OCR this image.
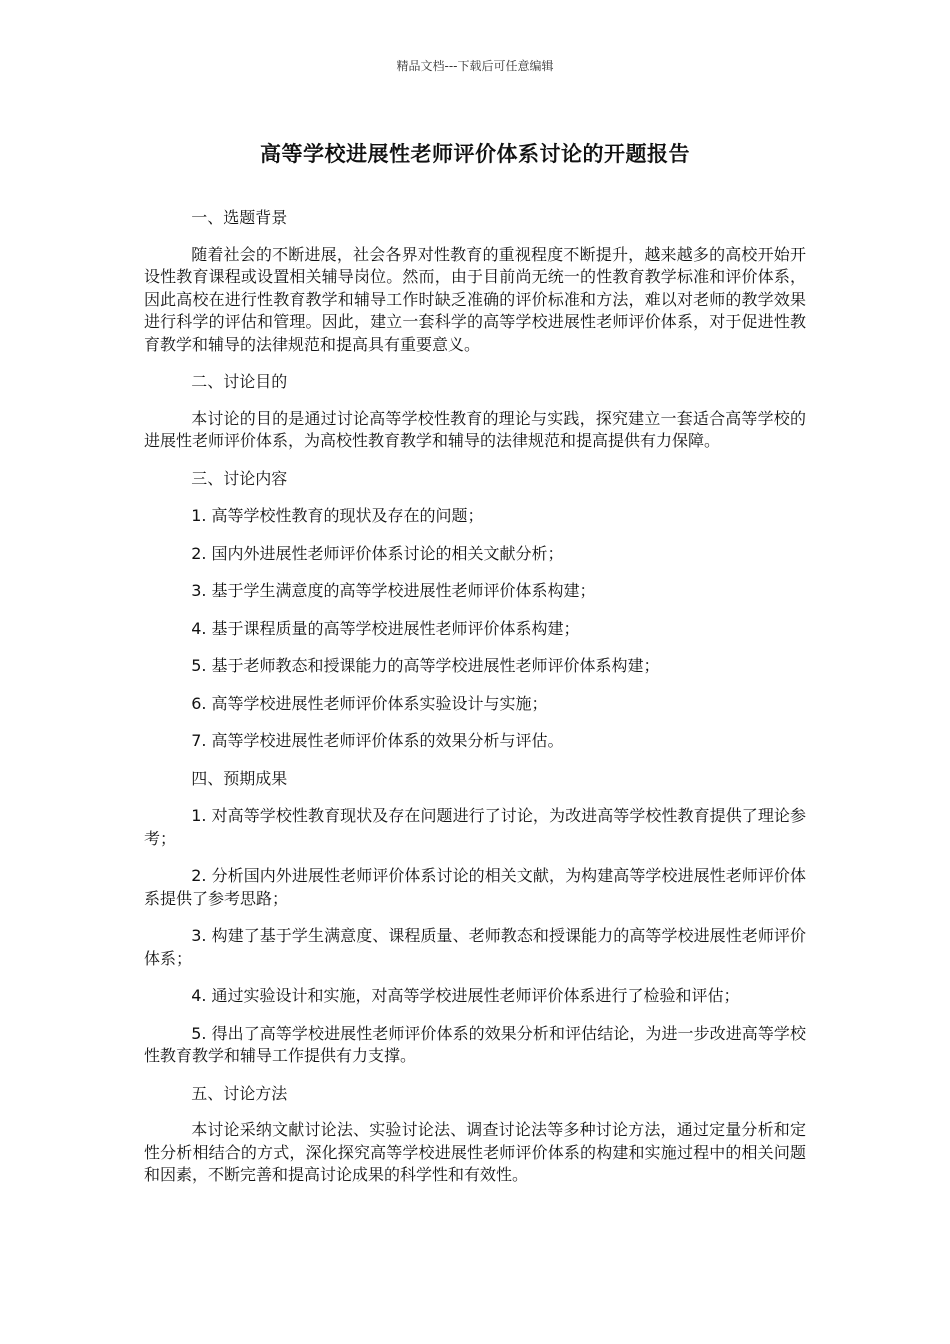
精品文档---下载后可任意编辑
高等学校进展性老师评价体系讨论的开题报告

一、选题背景

随着社会的不断进展，社会各界对性教育的重视程度不断提升，越来越多的高校开始开设性教育课程或设置相关辅导岗位。然而，由于目前尚无统一的性教育教学标准和评价体系，因此高校在进行性教育教学和辅导工作时缺乏准确的评价标准和方法，难以对老师的教学效果进行科学的评估和管理。因此，建立一套科学的高等学校进展性老师评价体系，对于促进性教育教学和辅导的法律规范和提高具有重要意义。

二、讨论目的

本讨论的目的是通过讨论高等学校性教育的理论与实践，探究建立一套适合高等学校的进展性老师评价体系，为高校性教育教学和辅导的法律规范和提高提供有力保障。

三、讨论内容

1. 高等学校性教育的现状及存在的问题；

2. 国内外进展性老师评价体系讨论的相关文献分析；

3. 基于学生满意度的高等学校进展性老师评价体系构建；

4. 基于课程质量的高等学校进展性老师评价体系构建；

5. 基于老师教态和授课能力的高等学校进展性老师评价体系构建；

6. 高等学校进展性老师评价体系实验设计与实施；

7. 高等学校进展性老师评价体系的效果分析与评估。

四、预期成果

1. 对高等学校性教育现状及存在问题进行了讨论，为改进高等学校性教育提供了理论参考；

2. 分析国内外进展性老师评价体系讨论的相关文献，为构建高等学校进展性老师评价体系提供了参考思路；

3. 构建了基于学生满意度、课程质量、老师教态和授课能力的高等学校进展性老师评价体系；

4. 通过实验设计和实施，对高等学校进展性老师评价体系进行了检验和评估；

5. 得出了高等学校进展性老师评价体系的效果分析和评估结论，为进一步改进高等学校性教育教学和辅导工作提供有力支撑。

五、讨论方法

本讨论采纳文献讨论法、实验讨论法、调查讨论法等多种讨论方法，通过定量分析和定性分析相结合的方式，深化探究高等学校进展性老师评价体系的构建和实施过程中的相关问题和因素，不断完善和提高讨论成果的科学性和有效性。
